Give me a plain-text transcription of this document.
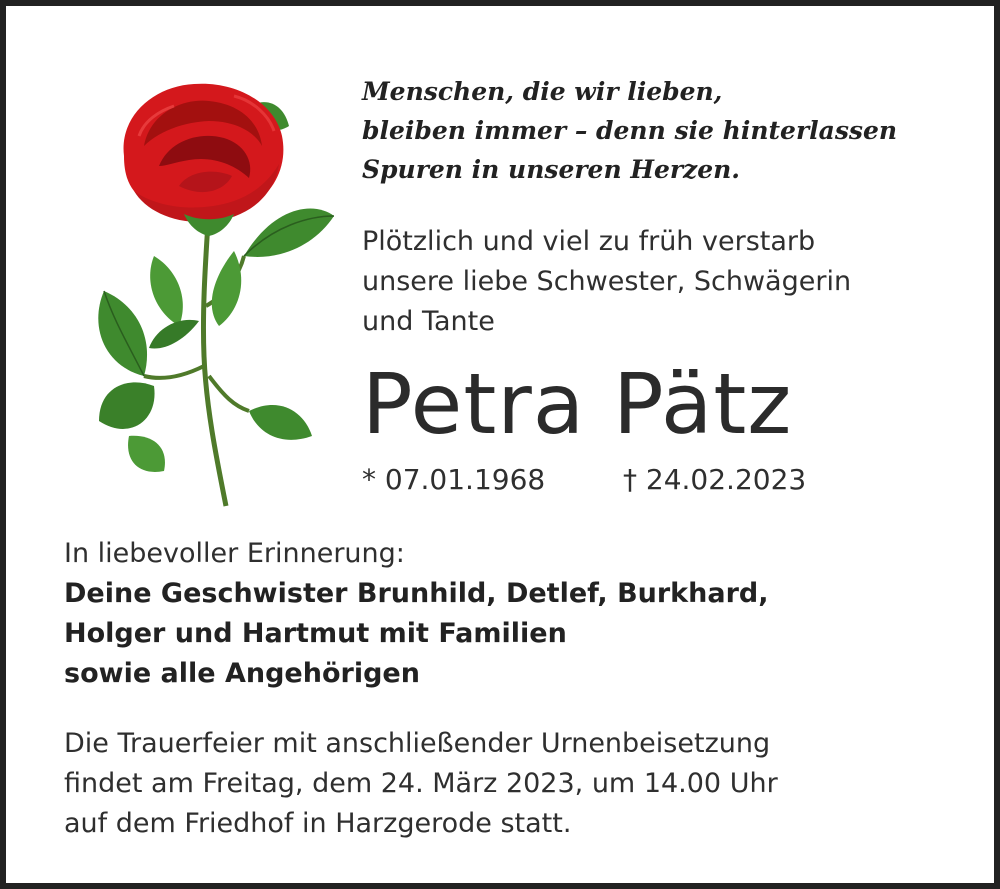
Menschen, die wir lieben,
bleiben immer – denn sie hinterlassen
Spuren in unseren Herzen.
Plötzlich und viel zu früh verstarb
unsere liebe Schwester, Schwägerin
und Tante
Petra Pätz
* 07.01.1968	† 24.02.2023
In liebevoller Erinnerung:
Deine Geschwister Brunhild, Detlef, Burkhard,
Holger und Hartmut mit Familien
sowie alle Angehörigen
Die Trauerfeier mit anschließender Urnenbeisetzung
findet am Freitag, dem 24. März 2023, um 14.00 Uhr
auf dem Friedhof in Harzgerode statt.
